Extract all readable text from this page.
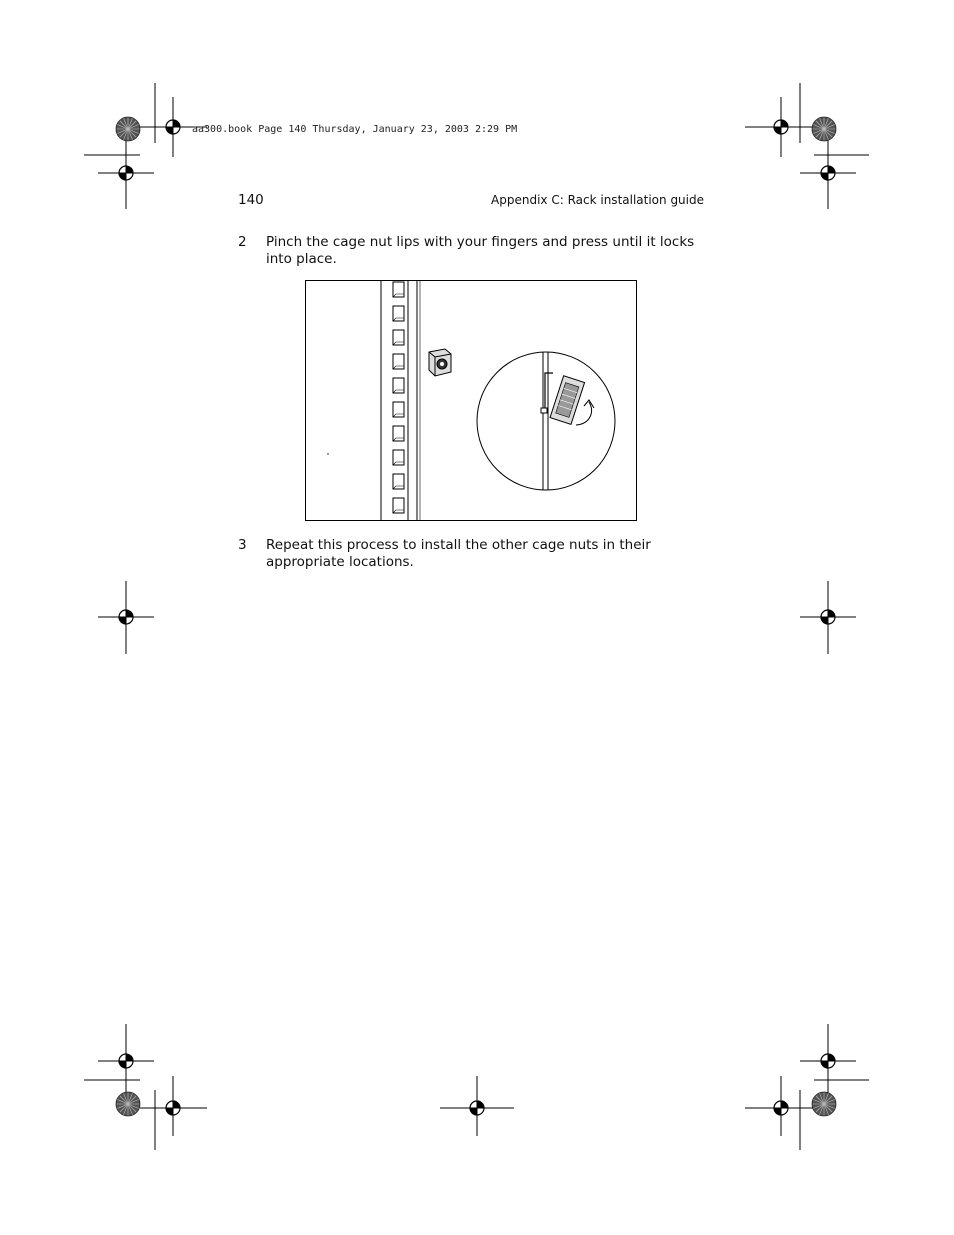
aa300.book Page 140 Thursday, January 23, 2003 2:29 PM
140	Appendix C: Rack installation guide
2 Pinch the cage nut lips with your fingers and press until it locks into place.
3 Repeat this process to install the other cage nuts in their appropriate locations.
